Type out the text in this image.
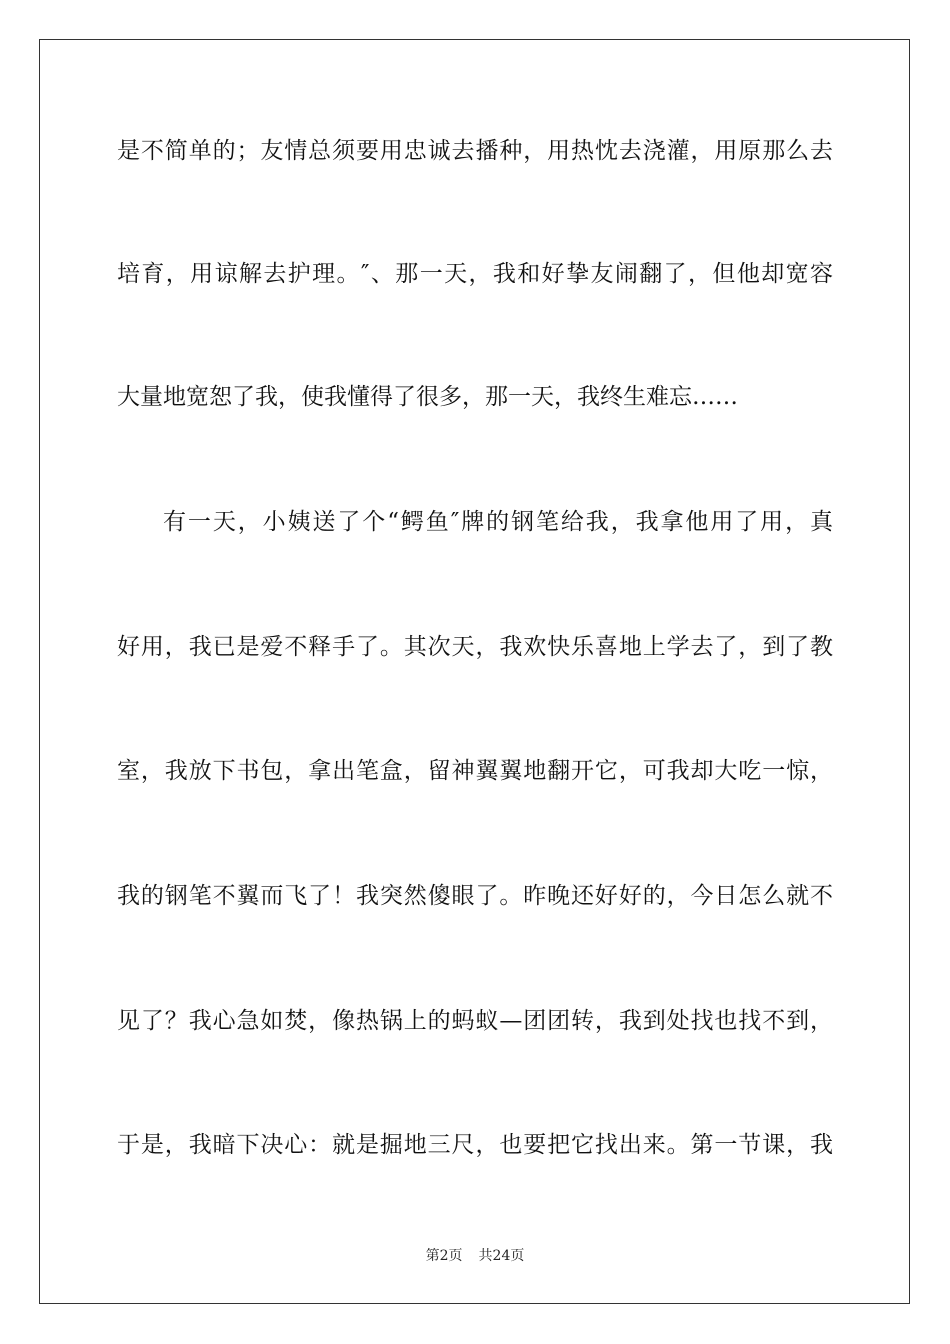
是不简单的；友情总须要用忠诚去播种，用热忱去浇灌，用原那么去
培育，用谅解去护理。″、那一天，我和好挚友闹翻了，但他却宽容
大量地宽恕了我，使我懂得了很多，那一天，我终生难忘……
有一天，小姨送了个“鳄鱼″牌的钢笔给我，我拿他用了用，真
好用，我已是爱不释手了。其次天，我欢快乐喜地上学去了，到了教
室，我放下书包，拿出笔盒，留神翼翼地翻开它，可我却大吃一惊，
我的钢笔不翼而飞了！我突然傻眼了。昨晚还好好的，今日怎么就不
见了？我心急如焚，像热锅上的蚂蚁—团团转，我到处找也找不到，
于是，我暗下决心：就是掘地三尺，也要把它找出来。第一节课，我
第2页 共24页
